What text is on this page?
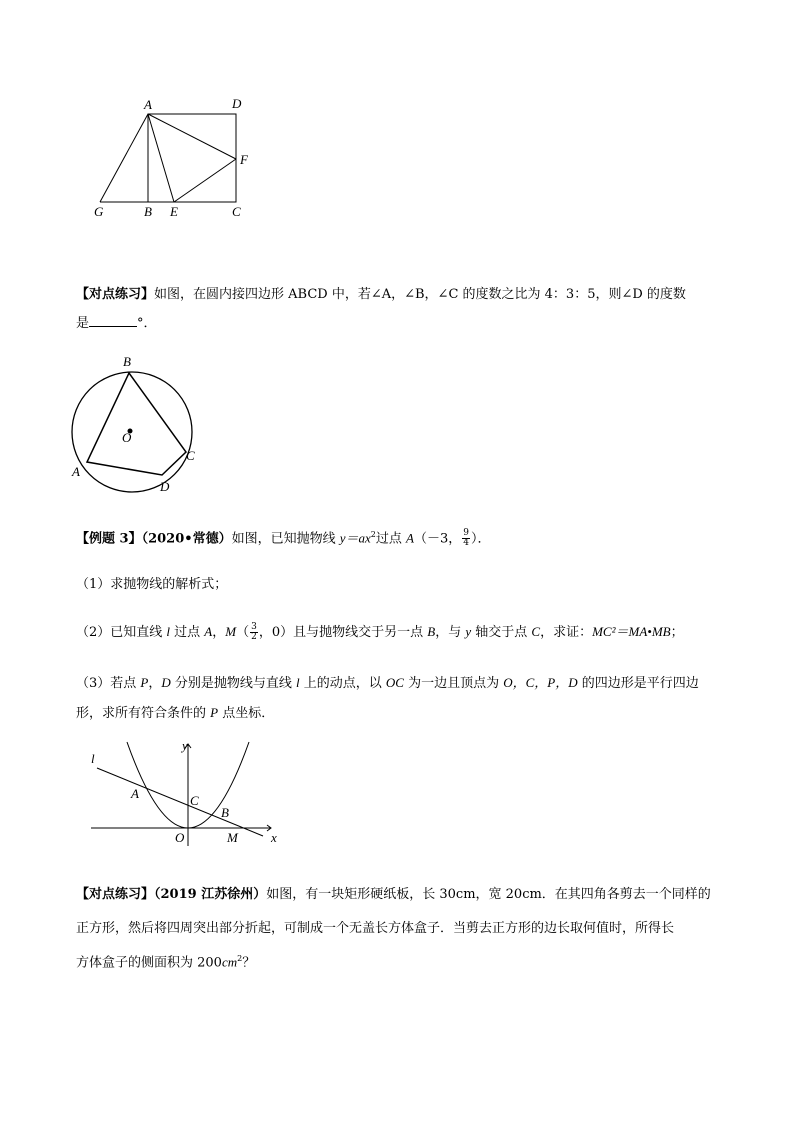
A	D
F
G	B E	C
【对点练习】如图，在圆内接四边形 ABCD 中，若∠A，∠B，∠C 的度数之比为 4：3：5，则∠D 的度数
是	°．
B
O
A
C
D
【例题 3】（2020•常德）如图，已知抛物线 $y=ax^2$过点 A（－3， $\frac{9}{4}$ ）．
（1）求抛物线的解析式；
（2）已知直线 l 过点 A，$M( \frac{3}{2}$ ，0）且与抛物线交于另一点 B，与 y 轴交于点 C，求证：MC²＝MA•MB；
（3）若点 P，D 分别是抛物线与直线 l 上的动点，以 OC 为一边且顶点为 O，C，P，D 的四边形是平行四边
形，求所有符合条件的 P 点坐标．
y
l
A	C
B
O	M	x
【对点练习】（2019 江苏徐州）如图，有一块矩形硬纸板，长 30cm，宽 20cm．在其四角各剪去一个同样的
正方形，然后将四周突出部分折起，可制成一个无盖长方体盒子．当剪去正方形的边长取何值时，所得长
方体盒子的侧面积为 $200cm^2$？
